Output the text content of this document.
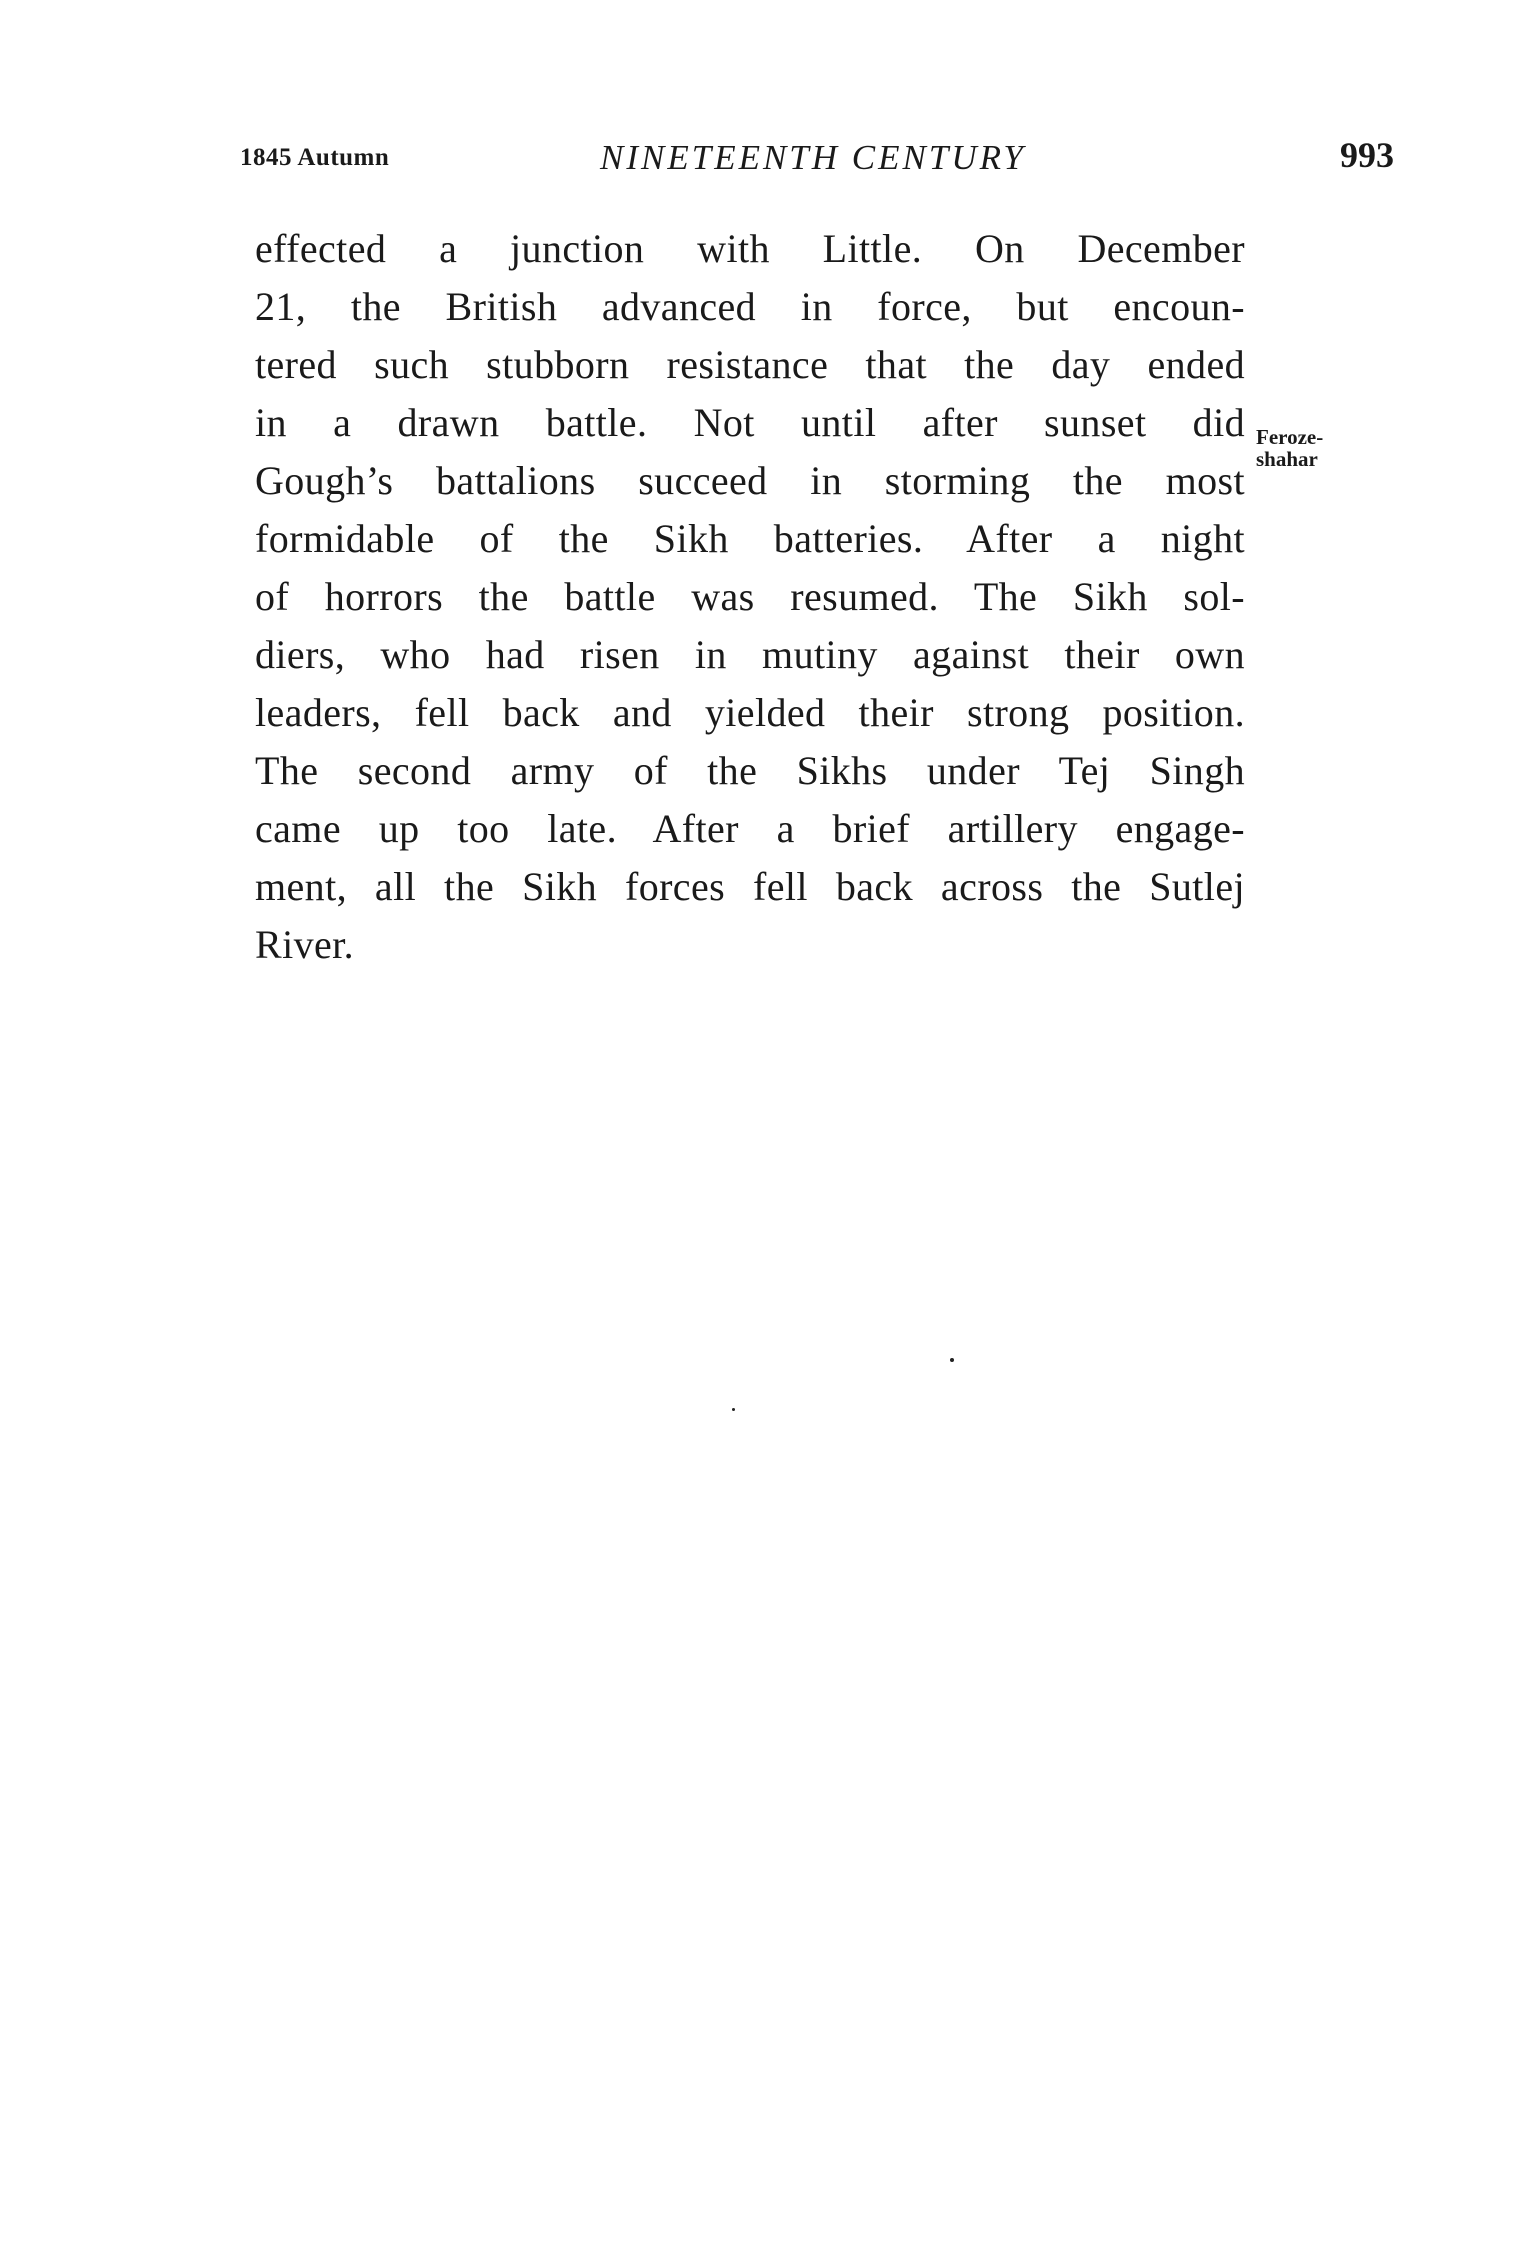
1845 Autumn	NINETEENTH CENTURY	993
effected a junction with Little. On December
21, the British advanced in force, but encoun-
tered such stubborn resistance that the day ended
in a drawn battle. Not until after sunset did
Gough’s battalions succeed in storming the most
formidable of the Sikh batteries. After a night
of horrors the battle was resumed. The Sikh sol-
diers, who had risen in mutiny against their own
leaders, fell back and yielded their strong position.
The second army of the Sikhs under Tej Singh
came up too late. After a brief artillery engage-
ment, all the Sikh forces fell back across the Sutlej
River.
Feroze-
shahar
